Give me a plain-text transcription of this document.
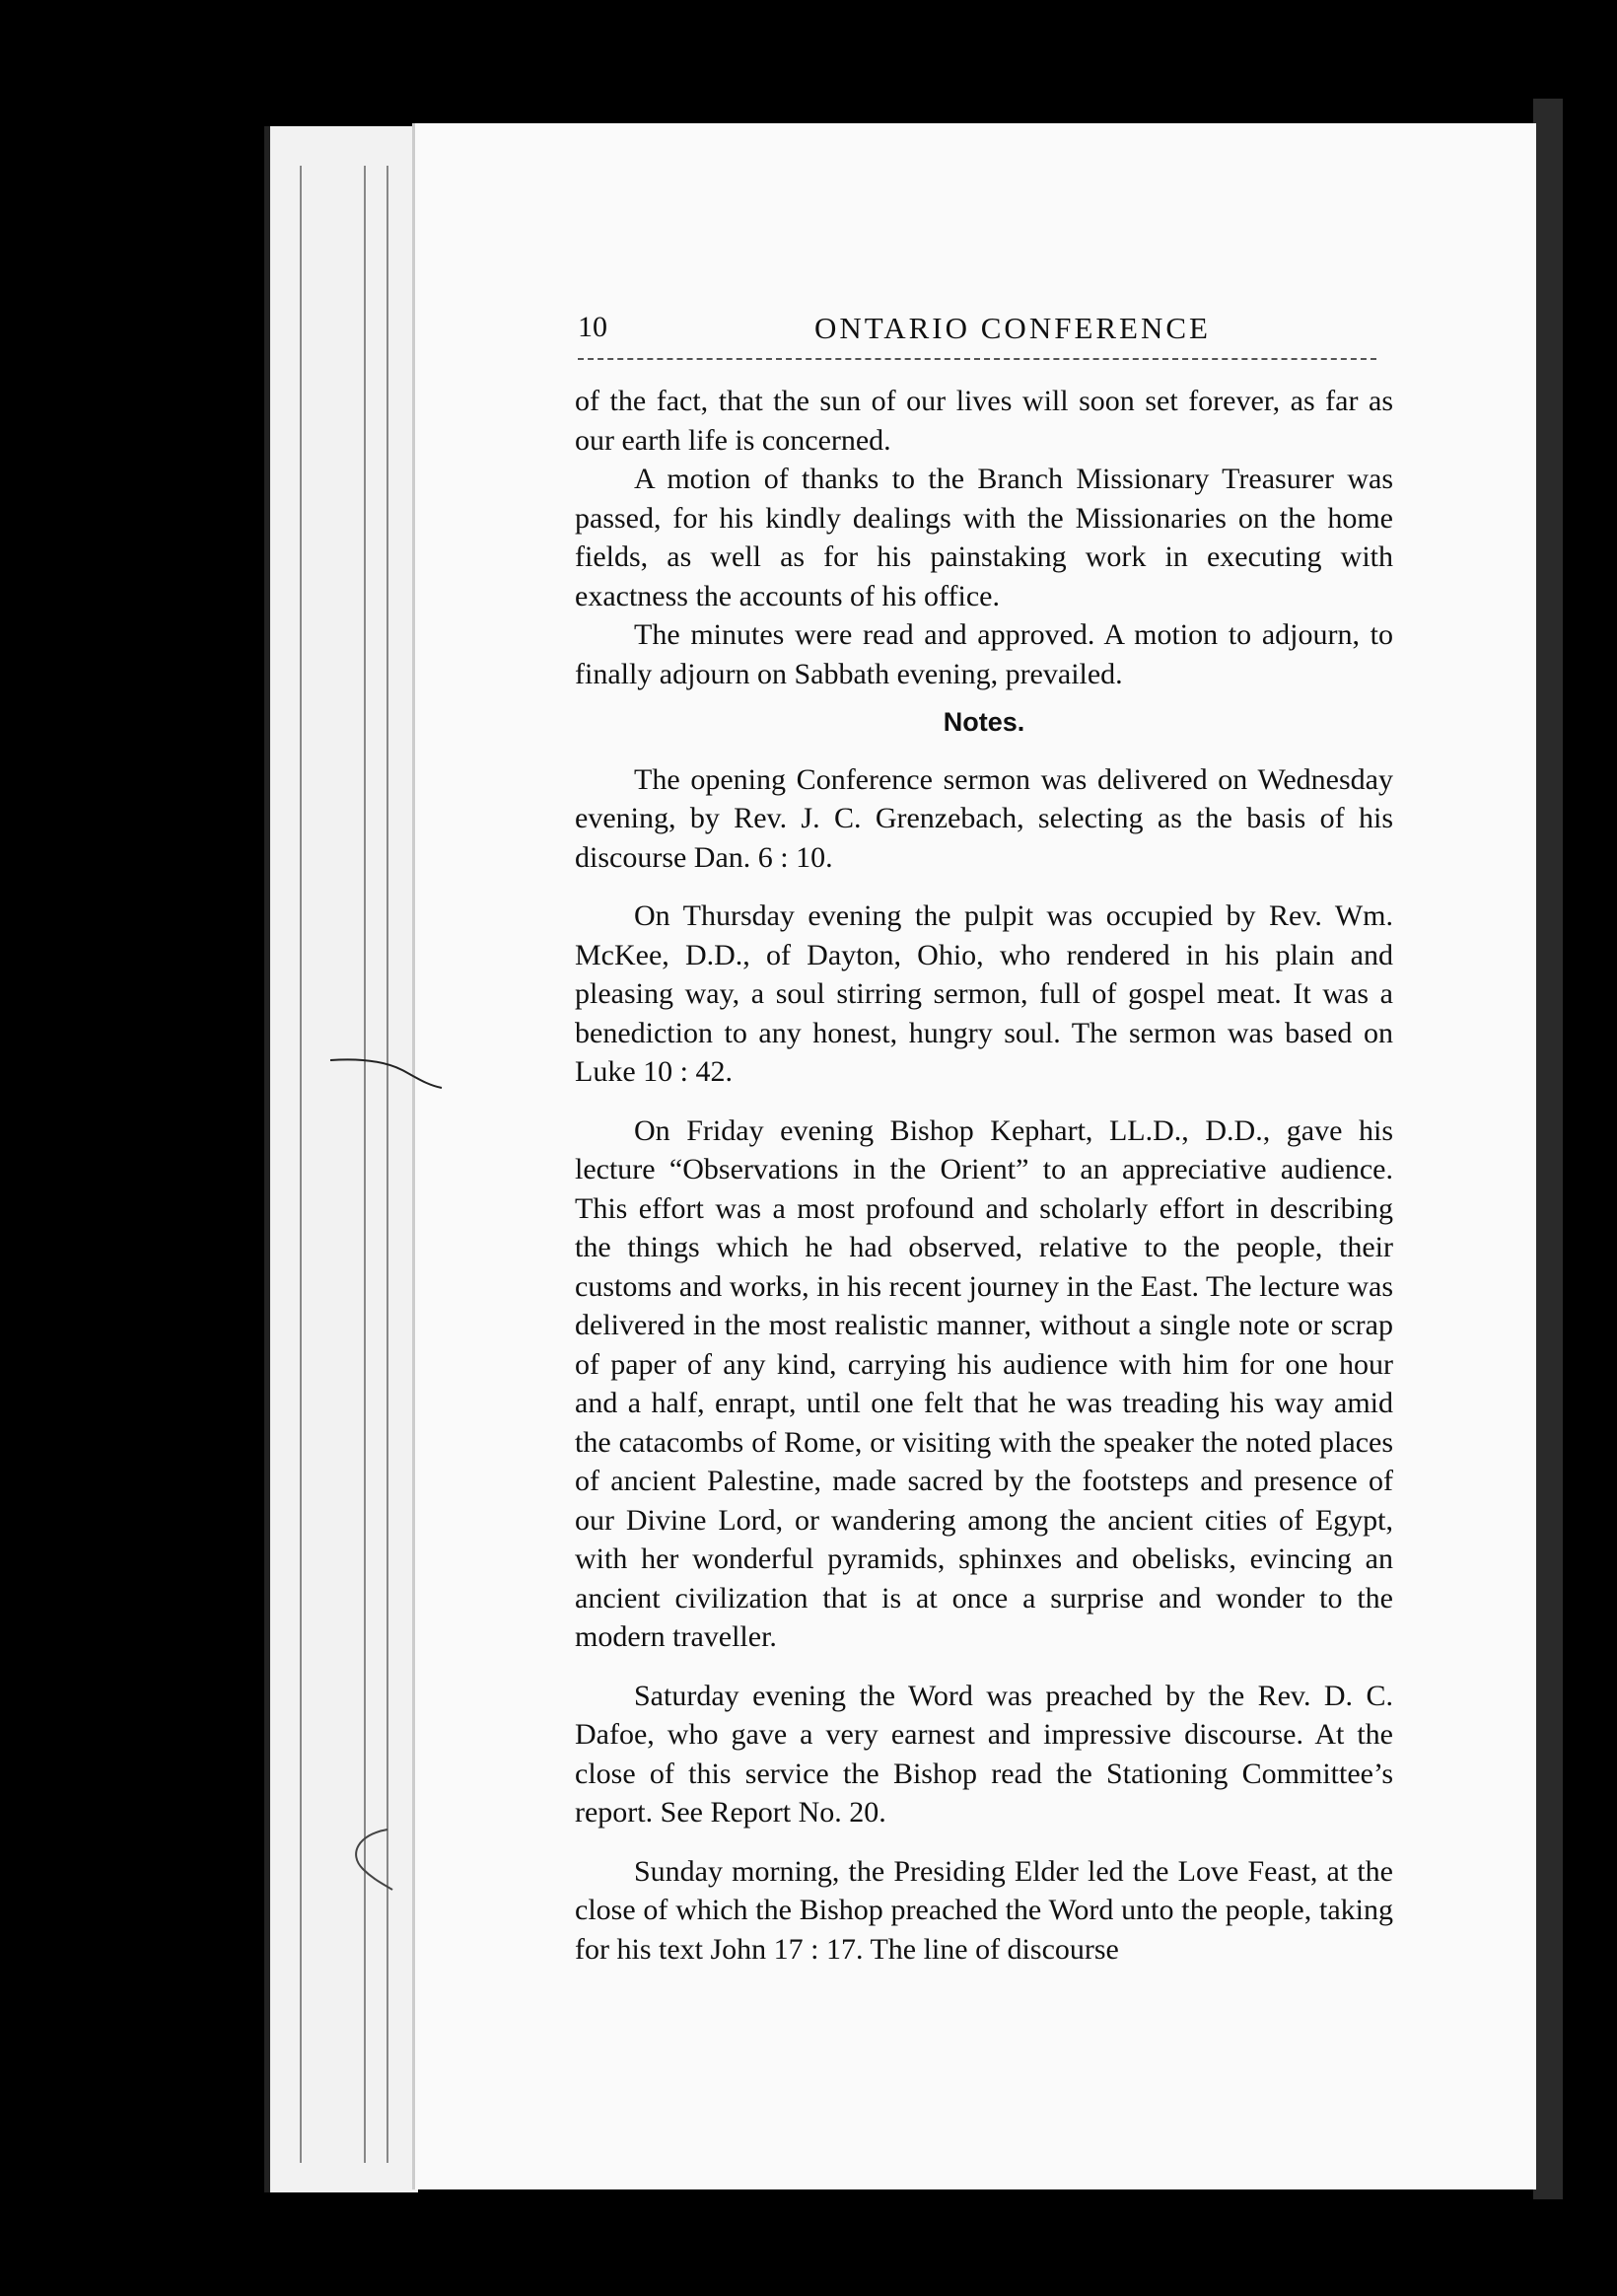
10	ONTARIO CONFERENCE

of the fact, that the sun of our lives will soon set forever, as far as our earth life is concerned.

A motion of thanks to the Branch Missionary Treasurer was passed, for his kindly dealings with the Missionaries on the home fields, as well as for his painstaking work in executing with exactness the accounts of his office.

The minutes were read and approved. A motion to adjourn, to finally adjourn on Sabbath evening, prevailed.

Notes.

The opening Conference sermon was delivered on Wednesday evening, by Rev. J. C. Grenzebach, selecting as the basis of his discourse Dan. 6 : 10.

On Thursday evening the pulpit was occupied by Rev. Wm. McKee, D.D., of Dayton, Ohio, who rendered in his plain and pleasing way, a soul stirring sermon, full of gospel meat. It was a benediction to any honest, hungry soul. The sermon was based on Luke 10 : 42.

On Friday evening Bishop Kephart, LL.D., D.D., gave his lecture “Observations in the Orient” to an appreciative audience. This effort was a most profound and scholarly effort in describing the things which he had observed, relative to the people, their customs and works, in his recent journey in the East. The lecture was delivered in the most realistic manner, without a single note or scrap of paper of any kind, carrying his audience with him for one hour and a half, enrapt, until one felt that he was treading his way amid the catacombs of Rome, or visiting with the speaker the noted places of ancient Palestine, made sacred by the footsteps and presence of our Divine Lord, or wandering among the ancient cities of Egypt, with her wonderful pyramids, sphinxes and obelisks, evincing an ancient civilization that is at once a surprise and wonder to the modern traveller.

Saturday evening the Word was preached by the Rev. D. C. Dafoe, who gave a very earnest and impressive discourse. At the close of this service the Bishop read the Stationing Committee’s report. See Report No. 20.

Sunday morning, the Presiding Elder led the Love Feast, at the close of which the Bishop preached the Word unto the people, taking for his text John 17 : 17. The line of discourse
